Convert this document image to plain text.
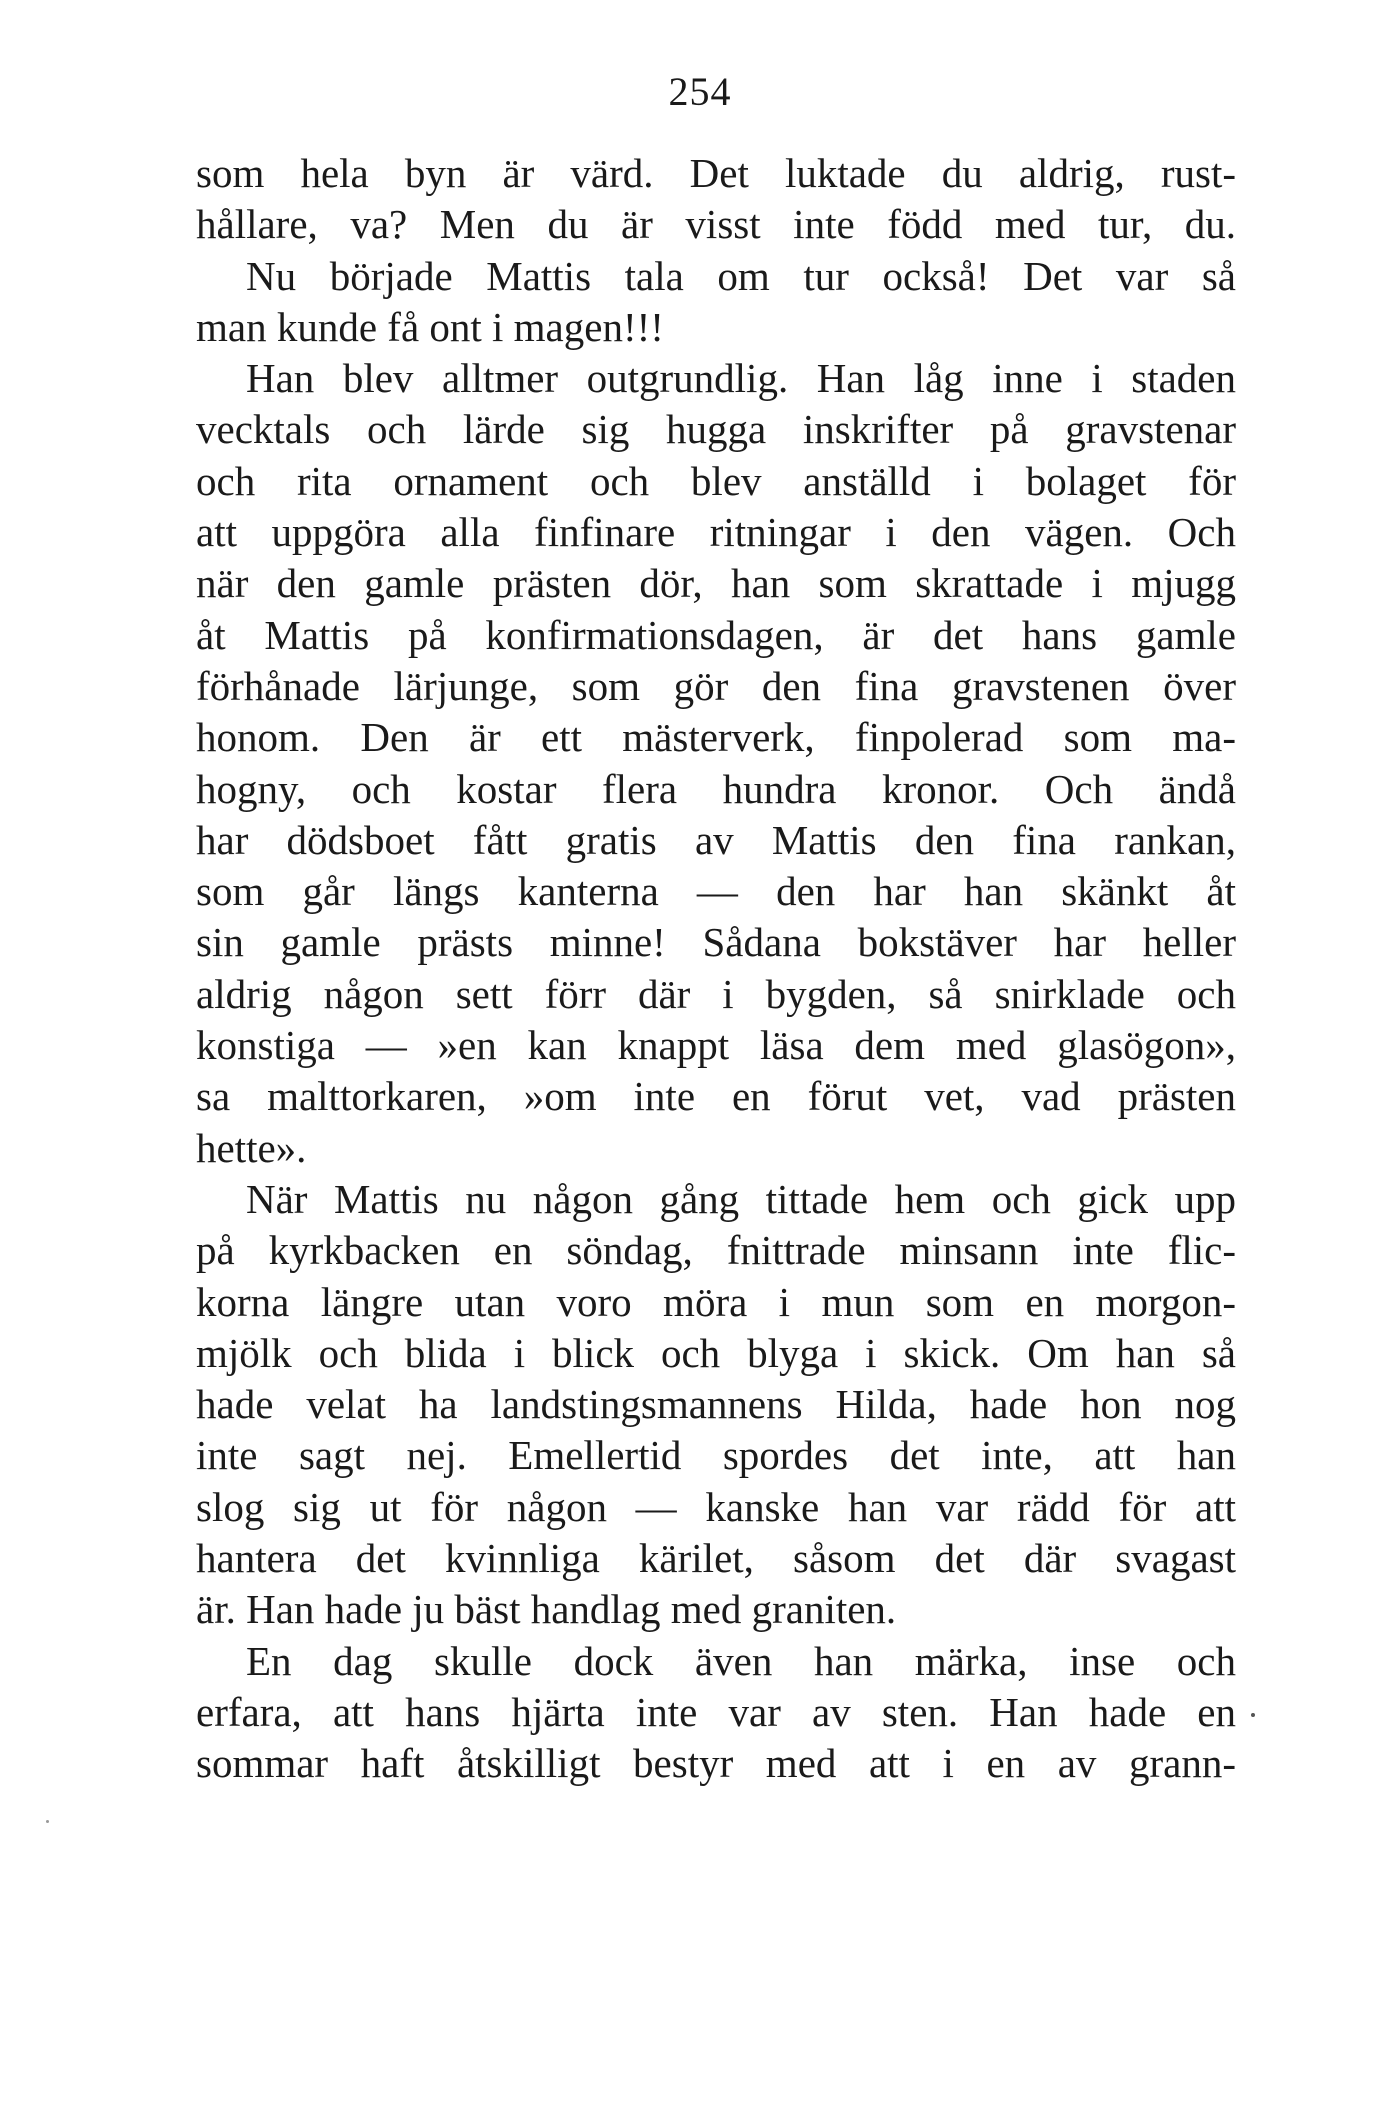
254
som hela byn är värd. Det luktade du aldrig, rust-
hållare, va? Men du är visst inte född med tur, du.
Nu började Mattis tala om tur också! Det var så
man kunde få ont i magen!!!
Han blev alltmer outgrundlig. Han låg inne i staden
vecktals och lärde sig hugga inskrifter på gravstenar
och rita ornament och blev anställd i bolaget för
att uppgöra alla finfinare ritningar i den vägen. Och
när den gamle prästen dör, han som skrattade i mjugg
åt Mattis på konfirmationsdagen, är det hans gamle
förhånade lärjunge, som gör den fina gravstenen över
honom. Den är ett mästerverk, finpolerad som ma-
hogny, och kostar flera hundra kronor. Och ändå
har dödsboet fått gratis av Mattis den fina rankan,
som går längs kanterna — den har han skänkt åt
sin gamle prästs minne! Sådana bokstäver har heller
aldrig någon sett förr där i bygden, så snirklade och
konstiga — »en kan knappt läsa dem med glasögon»,
sa malttorkaren, »om inte en förut vet, vad prästen
hette».
När Mattis nu någon gång tittade hem och gick upp
på kyrkbacken en söndag, fnittrade minsann inte flic-
korna längre utan voro möra i mun som en morgon-
mjölk och blida i blick och blyga i skick. Om han så
hade velat ha landstingsmannens Hilda, hade hon nog
inte sagt nej. Emellertid spordes det inte, att han
slog sig ut för någon — kanske han var rädd för att
hantera det kvinnliga kärilet, såsom det där svagast
är. Han hade ju bäst handlag med graniten.
En dag skulle dock även han märka, inse och
erfara, att hans hjärta inte var av sten. Han hade en
sommar haft åtskilligt bestyr med att i en av grann-
